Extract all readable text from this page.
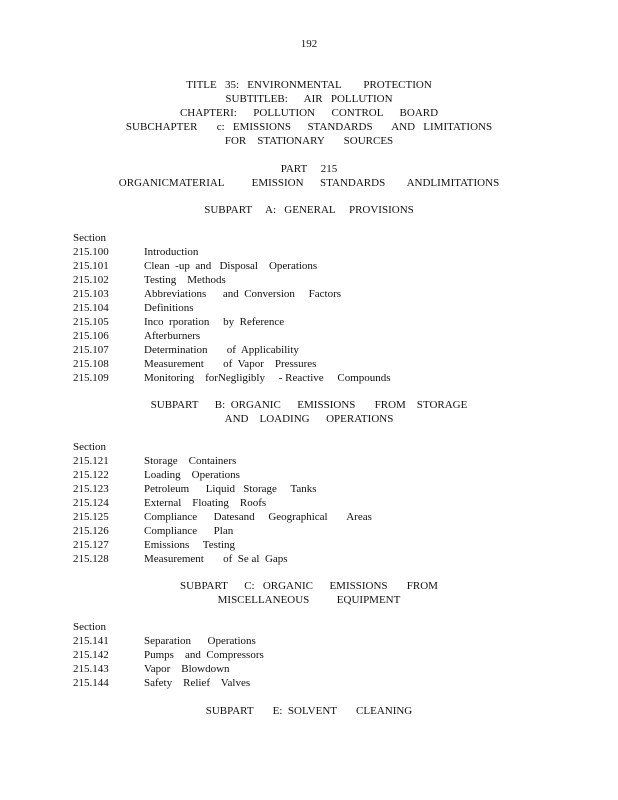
192
TITLE   35:   ENVIRONMENTAL        PROTECTION
SUBTITLEB:      AIR   POLLUTION
CHAPTERI:      POLLUTION      CONTROL      BOARD
SUBCHAPTER       c:   EMISSIONS      STANDARDS       AND   LIMITATIONS
FOR    STATIONARY       SOURCES
PART     215
ORGANICMATERIAL          EMISSION      STANDARDS        ANDLIMITATIONS
SUBPART     A:   GENERAL     PROVISIONS
Section
215.100	Introduction
215.101	Clean  -up  and   Disposal    Operations
215.102	Testing    Methods
215.103	Abbreviations      and  Conversion     Factors
215.104	Definitions
215.105	Inco  rporation     by  Reference
215.106	Afterburners
215.107	Determination       of  Applicability
215.108	Measurement       of  Vapor    Pressures
215.109	Monitoring    forNegligibly     - Reactive     Compounds
SUBPART      B:  ORGANIC      EMISSIONS       FROM    STORAGE
AND    LOADING      OPERATIONS
Section
215.121	Storage    Containers
215.122	Loading    Operations
215.123	Petroleum      Liquid   Storage     Tanks
215.124	External    Floating    Roofs
215.125	Compliance      Datesand     Geographical       Areas
215.126	Compliance      Plan
215.127	Emissions     Testing
215.128	Measurement       of  Se al  Gaps
SUBPART      C:   ORGANIC      EMISSIONS       FROM
MISCELLANEOUS          EQUIPMENT
Section
215.141	Separation      Operations
215.142	Pumps    and  Compressors
215.143	Vapor    Blowdown
215.144	Safety    Relief    Valves
SUBPART       E:  SOLVENT       CLEANING
